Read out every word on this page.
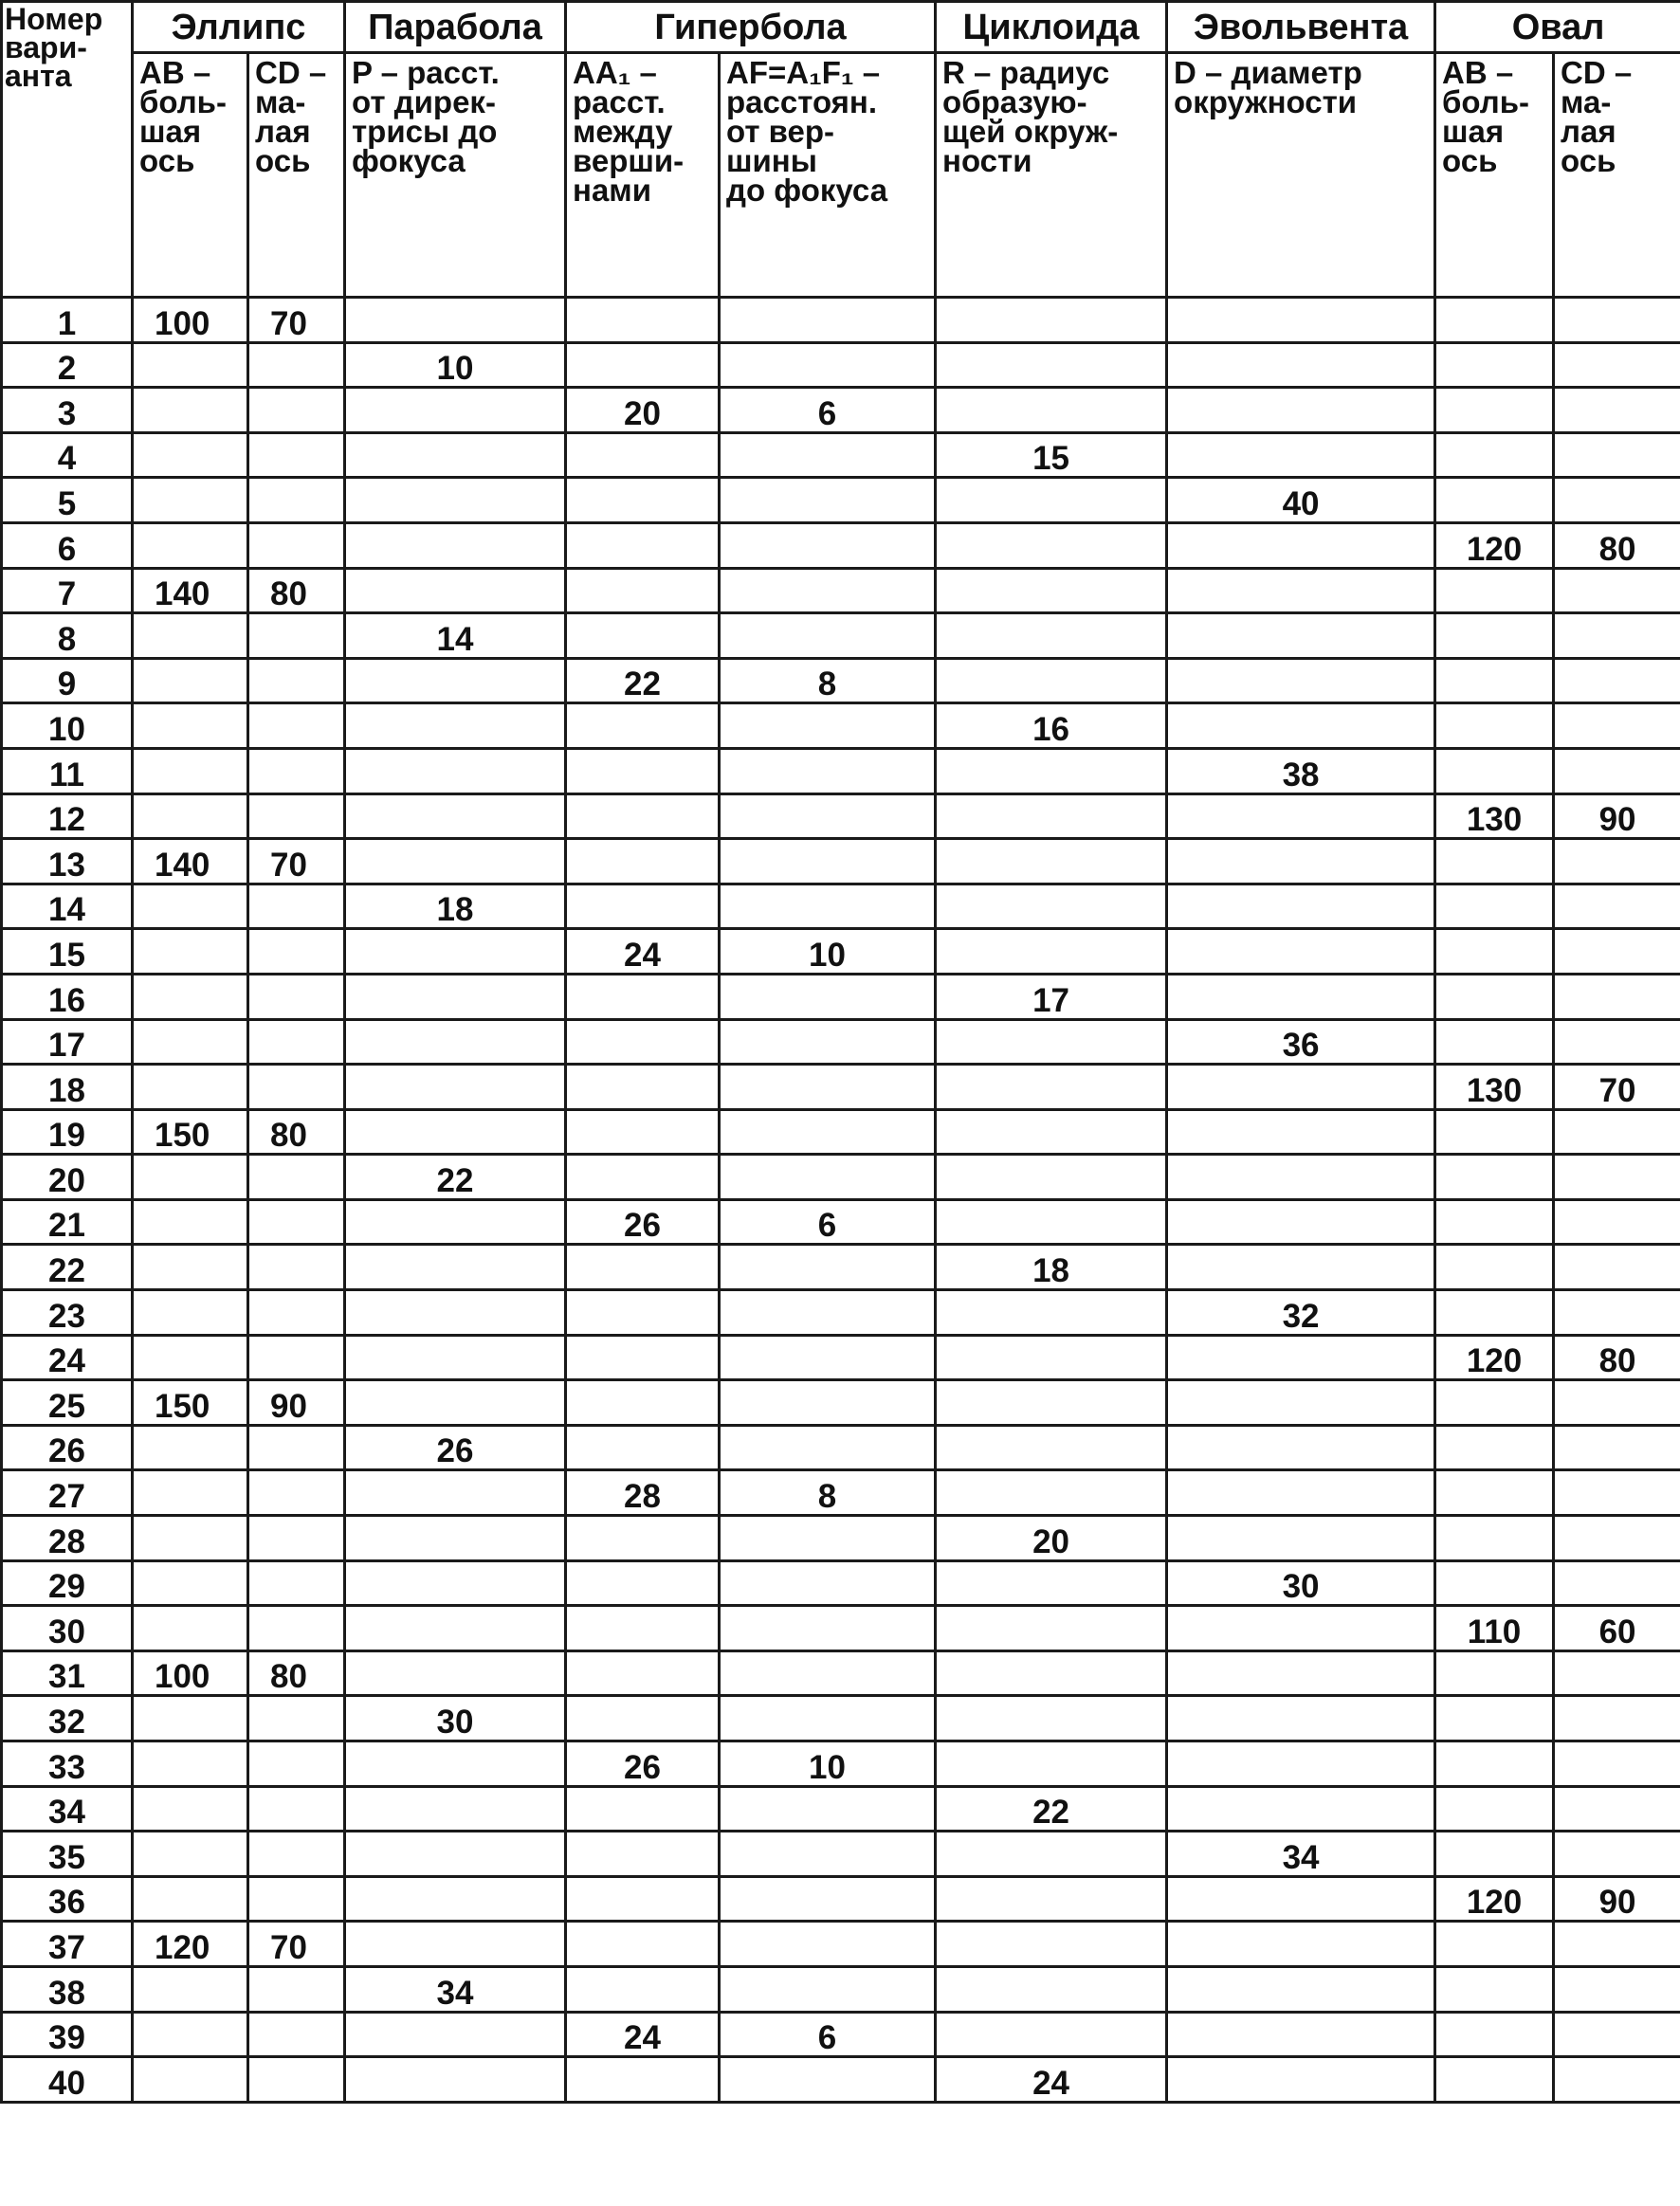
Номер
вари-
анта	Эллипс		Парабола	Гипербола		Циклоида	Эвольвента	Овал	
	AB –
боль-
шая
ось	CD –
ма-
лая
ось	P – расст.
от дирек-
трисы до
фокуса	AA₁ –
расст.
между
верши-
нами	AF=A₁F₁ –
расстоян.
от вер-
шины
до фокуса	R – радиус
образую-
щей окруж-
ности	D – диаметр
окружности	AB –
боль-
шая
ось	CD –
ма-
лая
ось
1	100	70							
2			10						
3				20	6				
4						15			
5							40		
6								120	80
7	140	80							
8			14						
9				22	8				
10						16			
11							38		
12								130	90
13	140	70							
14			18						
15				24	10				
16						17			
17							36		
18								130	70
19	150	80							
20			22						
21				26	6				
22						18			
23							32		
24								120	80
25	150	90							
26			26						
27				28	8				
28						20			
29							30		
30								110	60
31	100	80							
32			30						
33				26	10				
34						22			
35							34		
36								120	90
37	120	70							
38			34						
39				24	6				
40						24			
